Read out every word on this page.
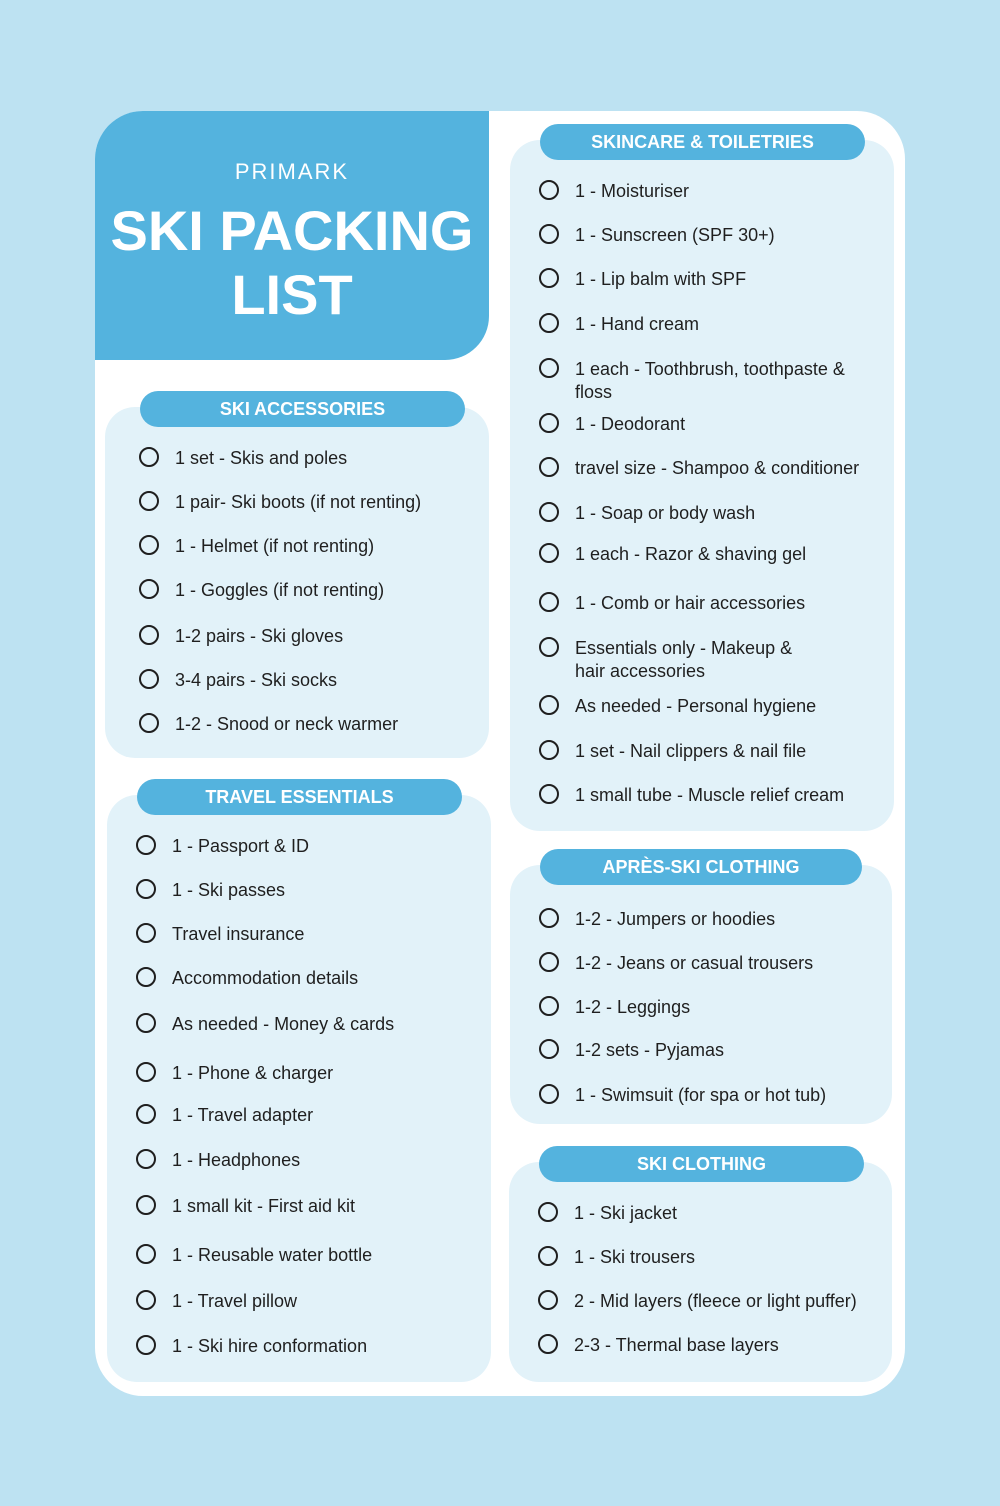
PRIMARK
SKI PACKING
LIST
SKI ACCESSORIES
1 set - Skis and poles
1 pair- Ski boots (if not renting)
1 - Helmet (if not renting)
1 - Goggles (if not renting)
1-2 pairs - Ski gloves
3-4 pairs - Ski socks
1-2 - Snood or neck warmer
TRAVEL ESSENTIALS
1 - Passport & ID
1 - Ski passes
Travel insurance
Accommodation details
As needed - Money & cards
1 - Phone & charger
1 - Travel adapter
1 - Headphones
1 small kit - First aid kit
1 - Reusable water bottle
1 - Travel pillow
1 - Ski hire conformation
SKINCARE & TOILETRIES
1 - Moisturiser
1 - Sunscreen (SPF 30+)
1 - Lip balm with SPF
1 - Hand cream
1 each - Toothbrush, toothpaste &
floss
1 - Deodorant
travel size - Shampoo & conditioner
1 - Soap or body wash
1 each - Razor & shaving gel
1 - Comb or hair accessories
Essentials only - Makeup &
hair accessories
As needed - Personal hygiene
1 set - Nail clippers & nail file
1 small tube - Muscle relief cream
APRÈS-SKI CLOTHING
1-2 - Jumpers or hoodies
1-2 - Jeans or casual trousers
1-2 - Leggings
1-2 sets - Pyjamas
1 - Swimsuit (for spa or hot tub)
SKI CLOTHING
1 - Ski jacket
1 - Ski trousers
2 - Mid layers (fleece or light puffer)
2-3 - Thermal base layers
